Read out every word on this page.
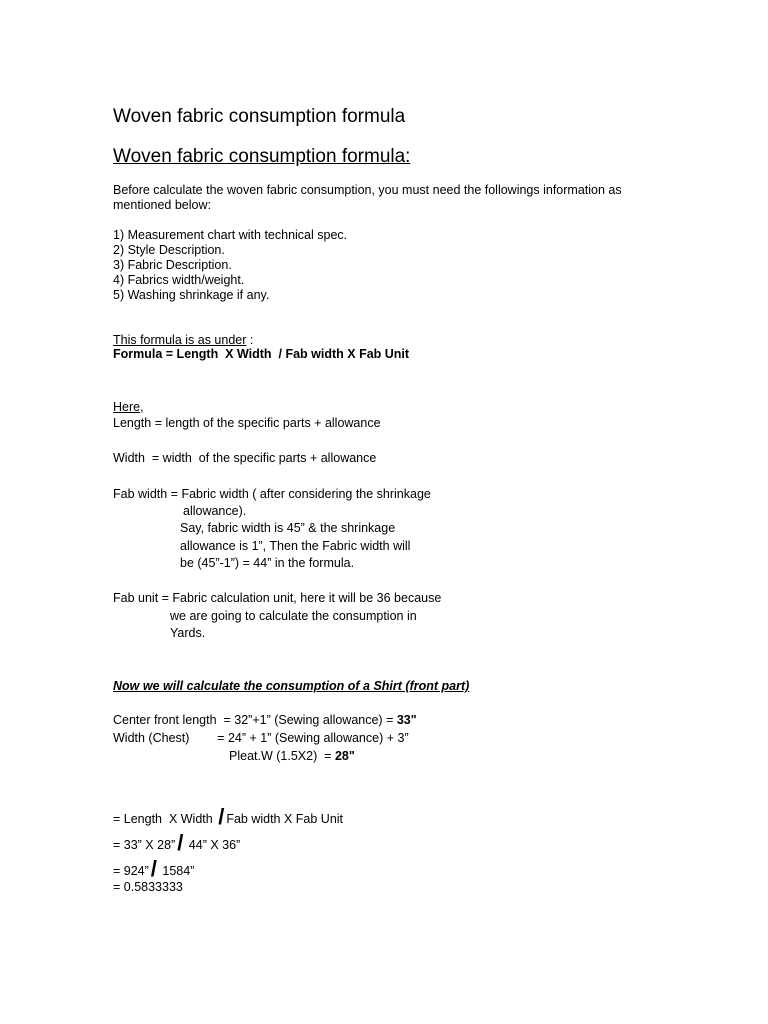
Woven fabric consumption formula
Woven fabric consumption formula:
Before calculate the woven fabric consumption, you must need the followings information as
mentioned below:
1) Measurement chart with technical spec.
2) Style Description.
3) Fabric Description.
4) Fabrics width/weight.
5) Washing shrinkage if any.
This formula is as under :
Formula = Length  X Width  / Fab width X Fab Unit
Here,
Length = length of the specific parts + allowance
Width  = width  of the specific parts + allowance
Fab width = Fabric width ( after considering the shrinkage
allowance).
Say, fabric width is 45” & the shrinkage
allowance is 1”, Then the Fabric width will
be (45”-1”) = 44” in the formula.
Fab unit = Fabric calculation unit, here it will be 36 because
we are going to calculate the consumption in
Yards.
Now we will calculate the consumption of a Shirt (front part)
Center front length  = 32”+1” (Sewing allowance) = 33"
Width (Chest)        = 24” + 1” (Sewing allowance) + 3”
Pleat.W (1.5X2)  = 28"
= Length  X Width / Fab width X Fab Unit
= 33” X 28”/ 44” X 36”
= 924”/ 1584”
= 0.5833333
